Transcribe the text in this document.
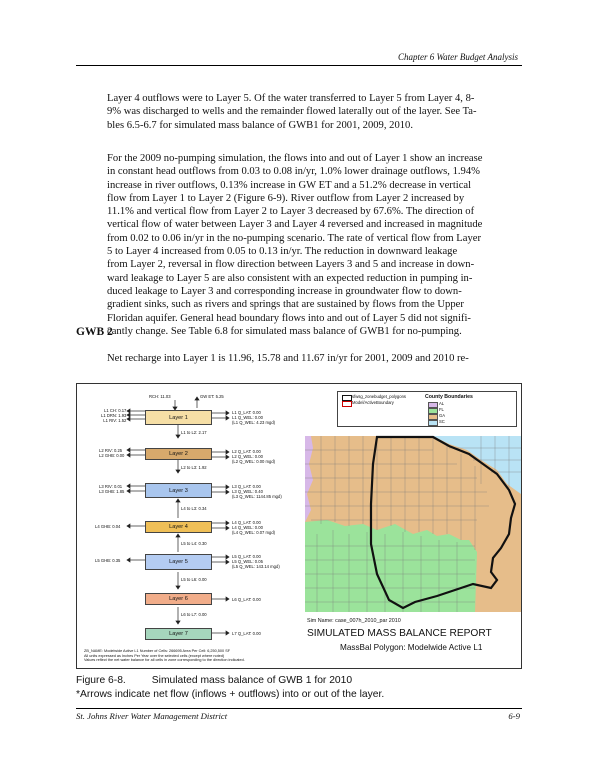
Chapter 6 Water Budget Analysis

Layer 4 outflows were to Layer 5. Of the water transferred to Layer 5 from Layer 4, 8-
9% was discharged to wells and the remainder flowed laterally out of the layer. See Ta-
bles 6.5-6.7 for simulated mass balance of GWB1 for 2001, 2009, 2010.

For the 2009 no-pumping simulation, the flows into and out of Layer 1 show an increase
in constant head outflows from 0.03 to 0.08 in/yr, 1.0% lower drainage outflows, 1.94%
increase in river outflows, 0.13% increase in GW ET and a 51.2% decrease in vertical
flow from Layer 1 to Layer 2 (Figure 6-9). River outflow from Layer 2 increased by
11.1% and vertical flow from Layer 2 to Layer 3 decreased by 67.6%. The direction of
vertical flow of water between Layer 3 and Layer 4 reversed and increased in magnitude
from 0.02 to 0.06 in/yr in the no-pumping scenario. The rate of vertical flow from Layer
5 to Layer 4 increased from 0.05 to 0.13 in/yr. The reduction in downward leakage
from Layer 2, reversal in flow direction between Layers 3 and 5 and increase in down-
ward leakage to Layer 5 are also consistent with an expected reduction in pumping in-
duced leakage to Layer 3 and corresponding increase in groundwater flow to down-
gradient sinks, such as rivers and springs that are sustained by flows from the Upper
Floridan aquifer. General head boundary flows into and out of Layer 5 did not signifi-
cantly change. See Table 6.8 for simulated mass balance of GWB1 for no-pumping.

GWB 2

Net recharge into Layer 1 is 11.96, 15.78 and 11.67 in/yr for 2001, 2009 and 2010 re-

RCH: 11.03	GW ET: 5.25
Layer 1
Layer 2
Layer 3
Layer 4
Layer 5
Layer 6
Layer 7
L1 CH: 0.17
L1 DRN: 1.93
L1 RIV: 1.52
L2 RIV: 0.25
L2 GHB: 0.00
L3 RIV: 0.01
L3 GHB: 1.85
L4 GHB: 0.04
L5 GHB: 0.35
L1 Q_LAT: 0.00
L1 Q_WEL: 0.00
(L1 Q_WEL: 4.23 mgd)
L2 Q_LAT: 0.00
L2 Q_WEL: 0.00
(L2 Q_WEL: 0.00 mgd)
L3 Q_LAT: 0.00
L3 Q_WEL: 0.40
(L3 Q_WEL: 1144.85 mgd)
L4 Q_LAT: 0.00
L4 Q_WEL: 0.00
(L4 Q_WEL: 0.07 mgd)
L5 Q_LAT: 0.00
L5 Q_WEL: 0.05
(L5 Q_WEL: 143.14 mgd)
L6 Q_LAT: 0.00
L7 Q_LAT: 0.00
L1 to L2: 2.17
L2 to L3: 1.92
L4 to L3: 0.34
L5 to L4: 0.30
L5 to L6: 0.00
L6 to L7: 0.00
sfwsg_zonebudget_polygons
Model/ActiveBoundary
County Boundaries
AL
FL
GA
SC
Sim Name: case_007h_2010_par 2010
SIMULATED MASS BALANCE REPORT
MassBal Polygon: Modelwide Active L1
ZB_NAME: Modelwide Active L1 Number of Cells: 266695 Area Per Cell: 6,250,500 SF
All units expressed as Inches Per Year over the selected cells (except where noted)
Values reflect the net water balance for all cells in zone corresponding to the direction indicated.
Figure 6-8.	Simulated mass balance of GWB 1 for 2010
*Arrows indicate net flow (inflows + outflows) into or out of the layer.
St. Johns River Water Management District	6-9
